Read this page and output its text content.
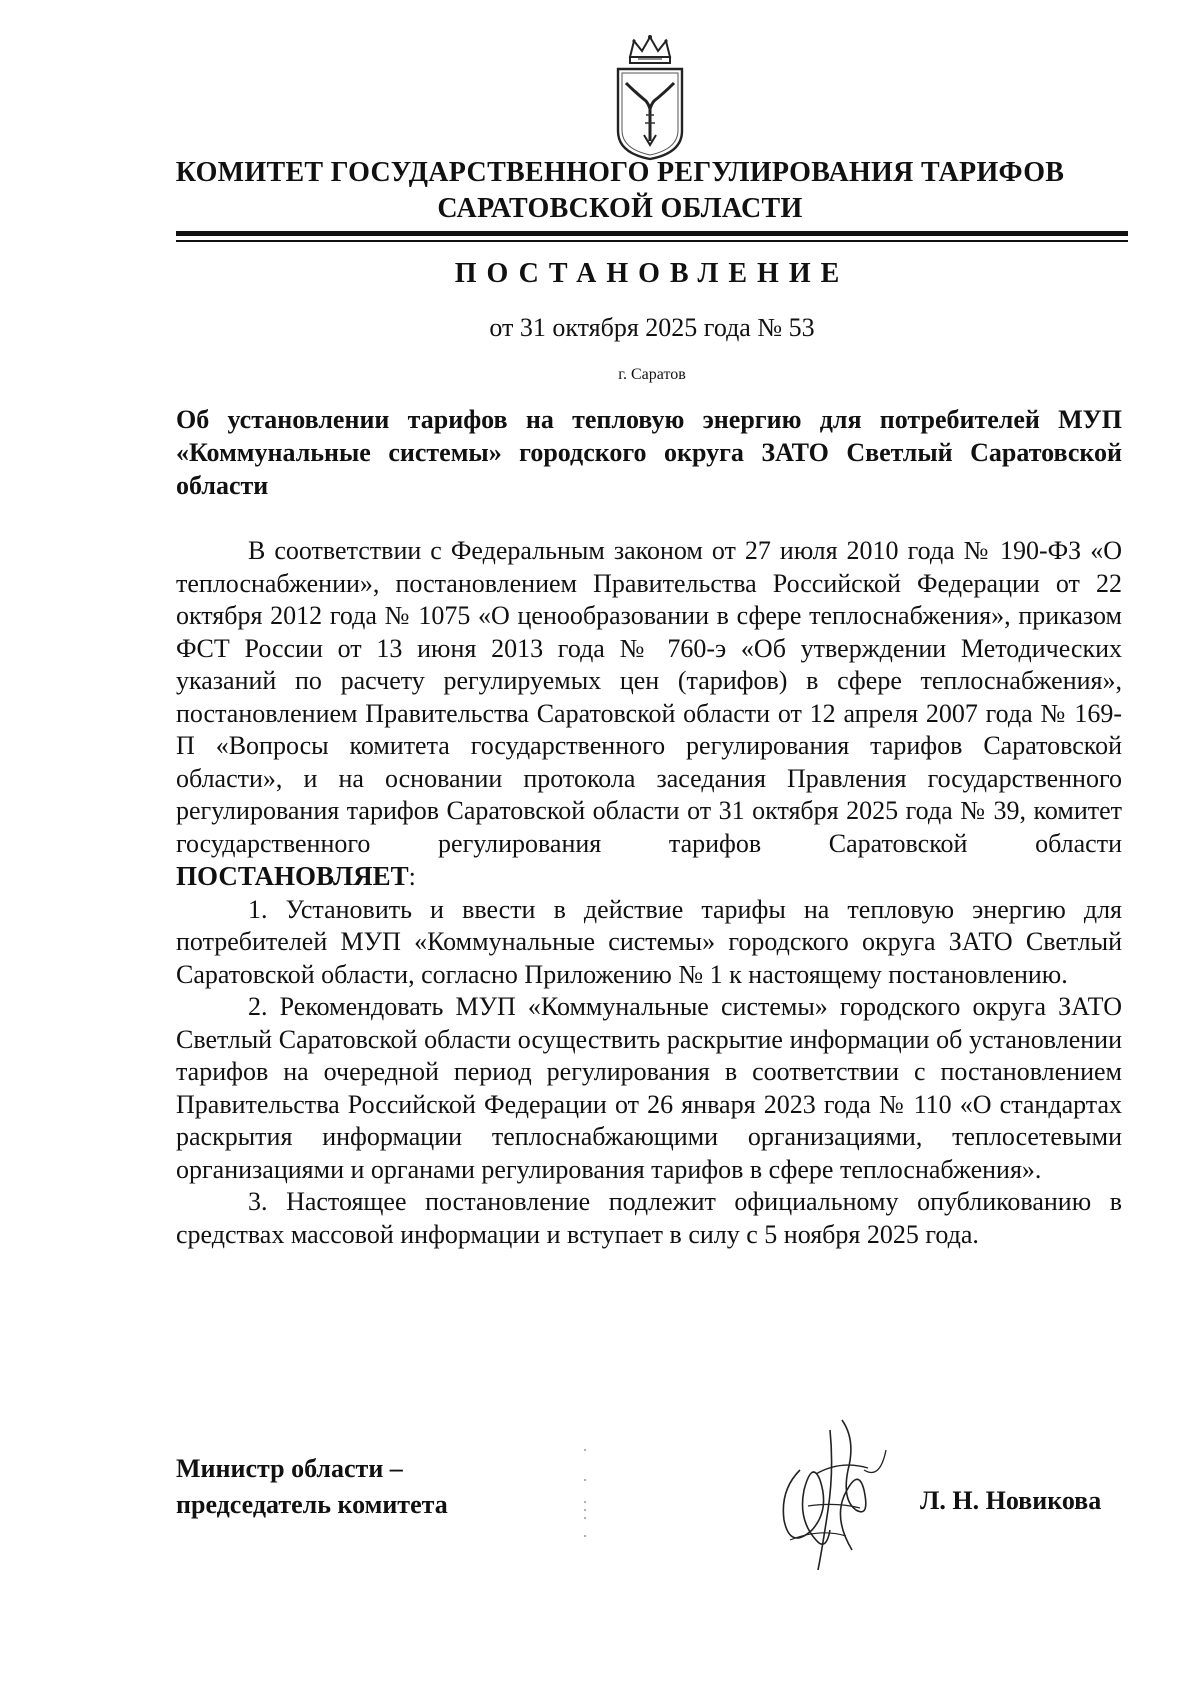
КОМИТЕТ ГОСУДАРСТВЕННОГО РЕГУЛИРОВАНИЯ ТАРИФОВ
САРАТОВСКОЙ ОБЛАСТИ
ПОСТАНОВЛЕНИЕ
от 31 октября 2025 года № 53
г. Саратов
Об установлении тарифов на тепловую энергию для потребителей МУП «Коммунальные системы» городского округа ЗАТО Светлый Саратовской области

В соответствии с Федеральным законом от 27 июля 2010 года № 190-ФЗ «О теплоснабжении», постановлением Правительства Российской Федерации от 22 октября 2012 года № 1075 «О ценообразовании в сфере теплоснабжения», приказом ФСТ России от 13 июня 2013 года № 760-э «Об утверждении Методических указаний по расчету регулируемых цен (тарифов) в сфере теплоснабжения», постановлением Правительства Саратовской области от 12 апреля 2007 года № 169-П «Вопросы комитета государственного регулирования тарифов Саратовской области», и на основании протокола заседания Правления государственного регулирования тарифов Саратовской области от 31 октября 2025 года № 39, комитет государственного регулирования тарифов Саратовской области ПОСТАНОВЛЯЕТ:

1. Установить и ввести в действие тарифы на тепловую энергию для потребителей МУП «Коммунальные системы» городского округа ЗАТО Светлый Саратовской области, согласно Приложению № 1 к настоящему постановлению.

2. Рекомендовать МУП «Коммунальные системы» городского округа ЗАТО Светлый Саратовской области осуществить раскрытие информации об установлении тарифов на очередной период регулирования в соответствии с постановлением Правительства Российской Федерации от 26 января 2023 года № 110 «О стандартах раскрытия информации теплоснабжающими организациями, теплосетевыми организациями и органами регулирования тарифов в сфере теплоснабжения».

3. Настоящее постановление подлежит официальному опубликованию в средствах массовой информации и вступает в силу с 5 ноября 2025 года.

Министр области –
председатель комитета	Л. Н. Новикова
